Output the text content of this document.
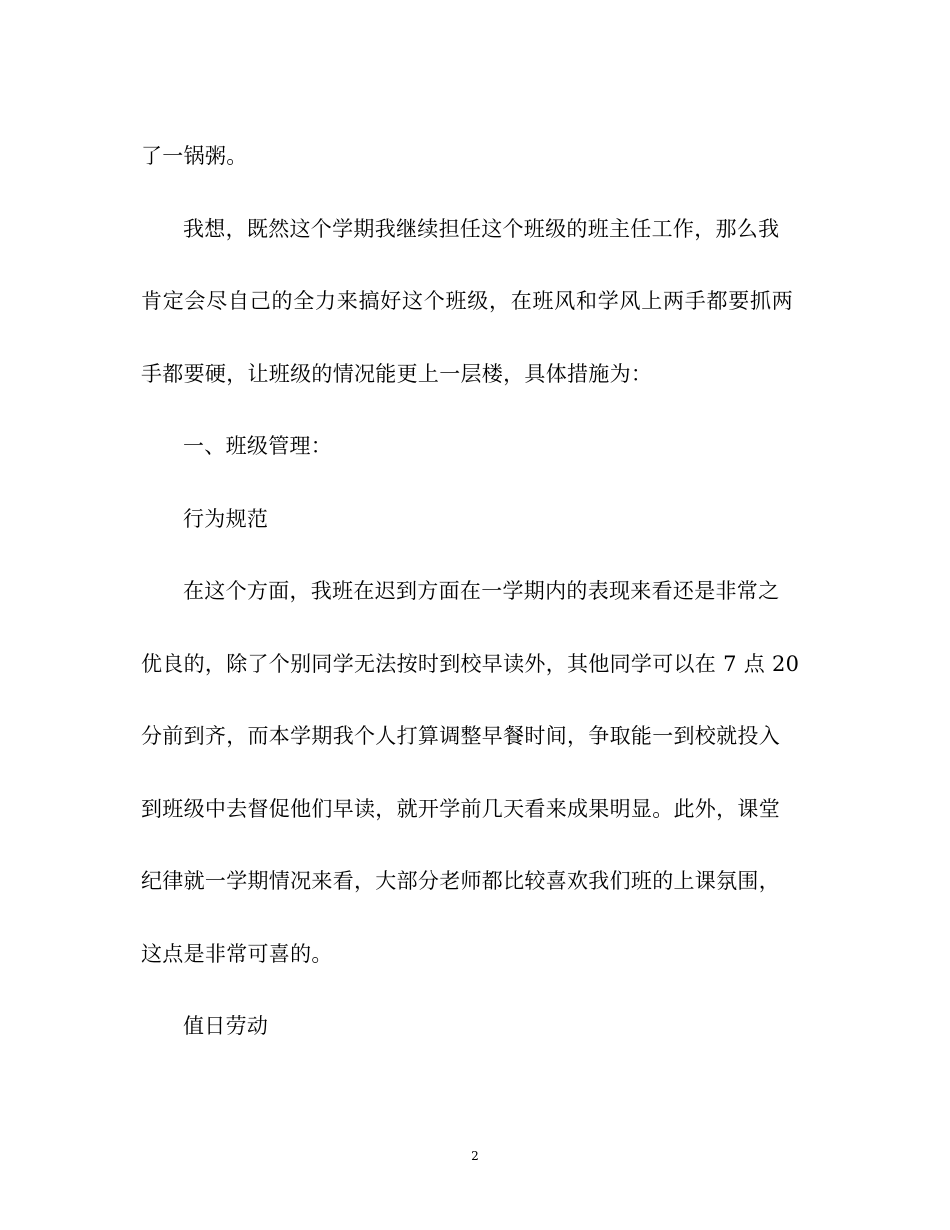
了一锅粥。
我想，既然这个学期我继续担任这个班级的班主任工作，那么我
肯定会尽自己的全力来搞好这个班级，在班风和学风上两手都要抓两
手都要硬，让班级的情况能更上一层楼，具体措施为：
一、班级管理：
行为规范
在这个方面，我班在迟到方面在一学期内的表现来看还是非常之
优良的，除了个别同学无法按时到校早读外，其他同学可以在 7 点 20
分前到齐，而本学期我个人打算调整早餐时间，争取能一到校就投入
到班级中去督促他们早读，就开学前几天看来成果明显。此外，课堂
纪律就一学期情况来看，大部分老师都比较喜欢我们班的上课氛围，
这点是非常可喜的。
值日劳动
2
